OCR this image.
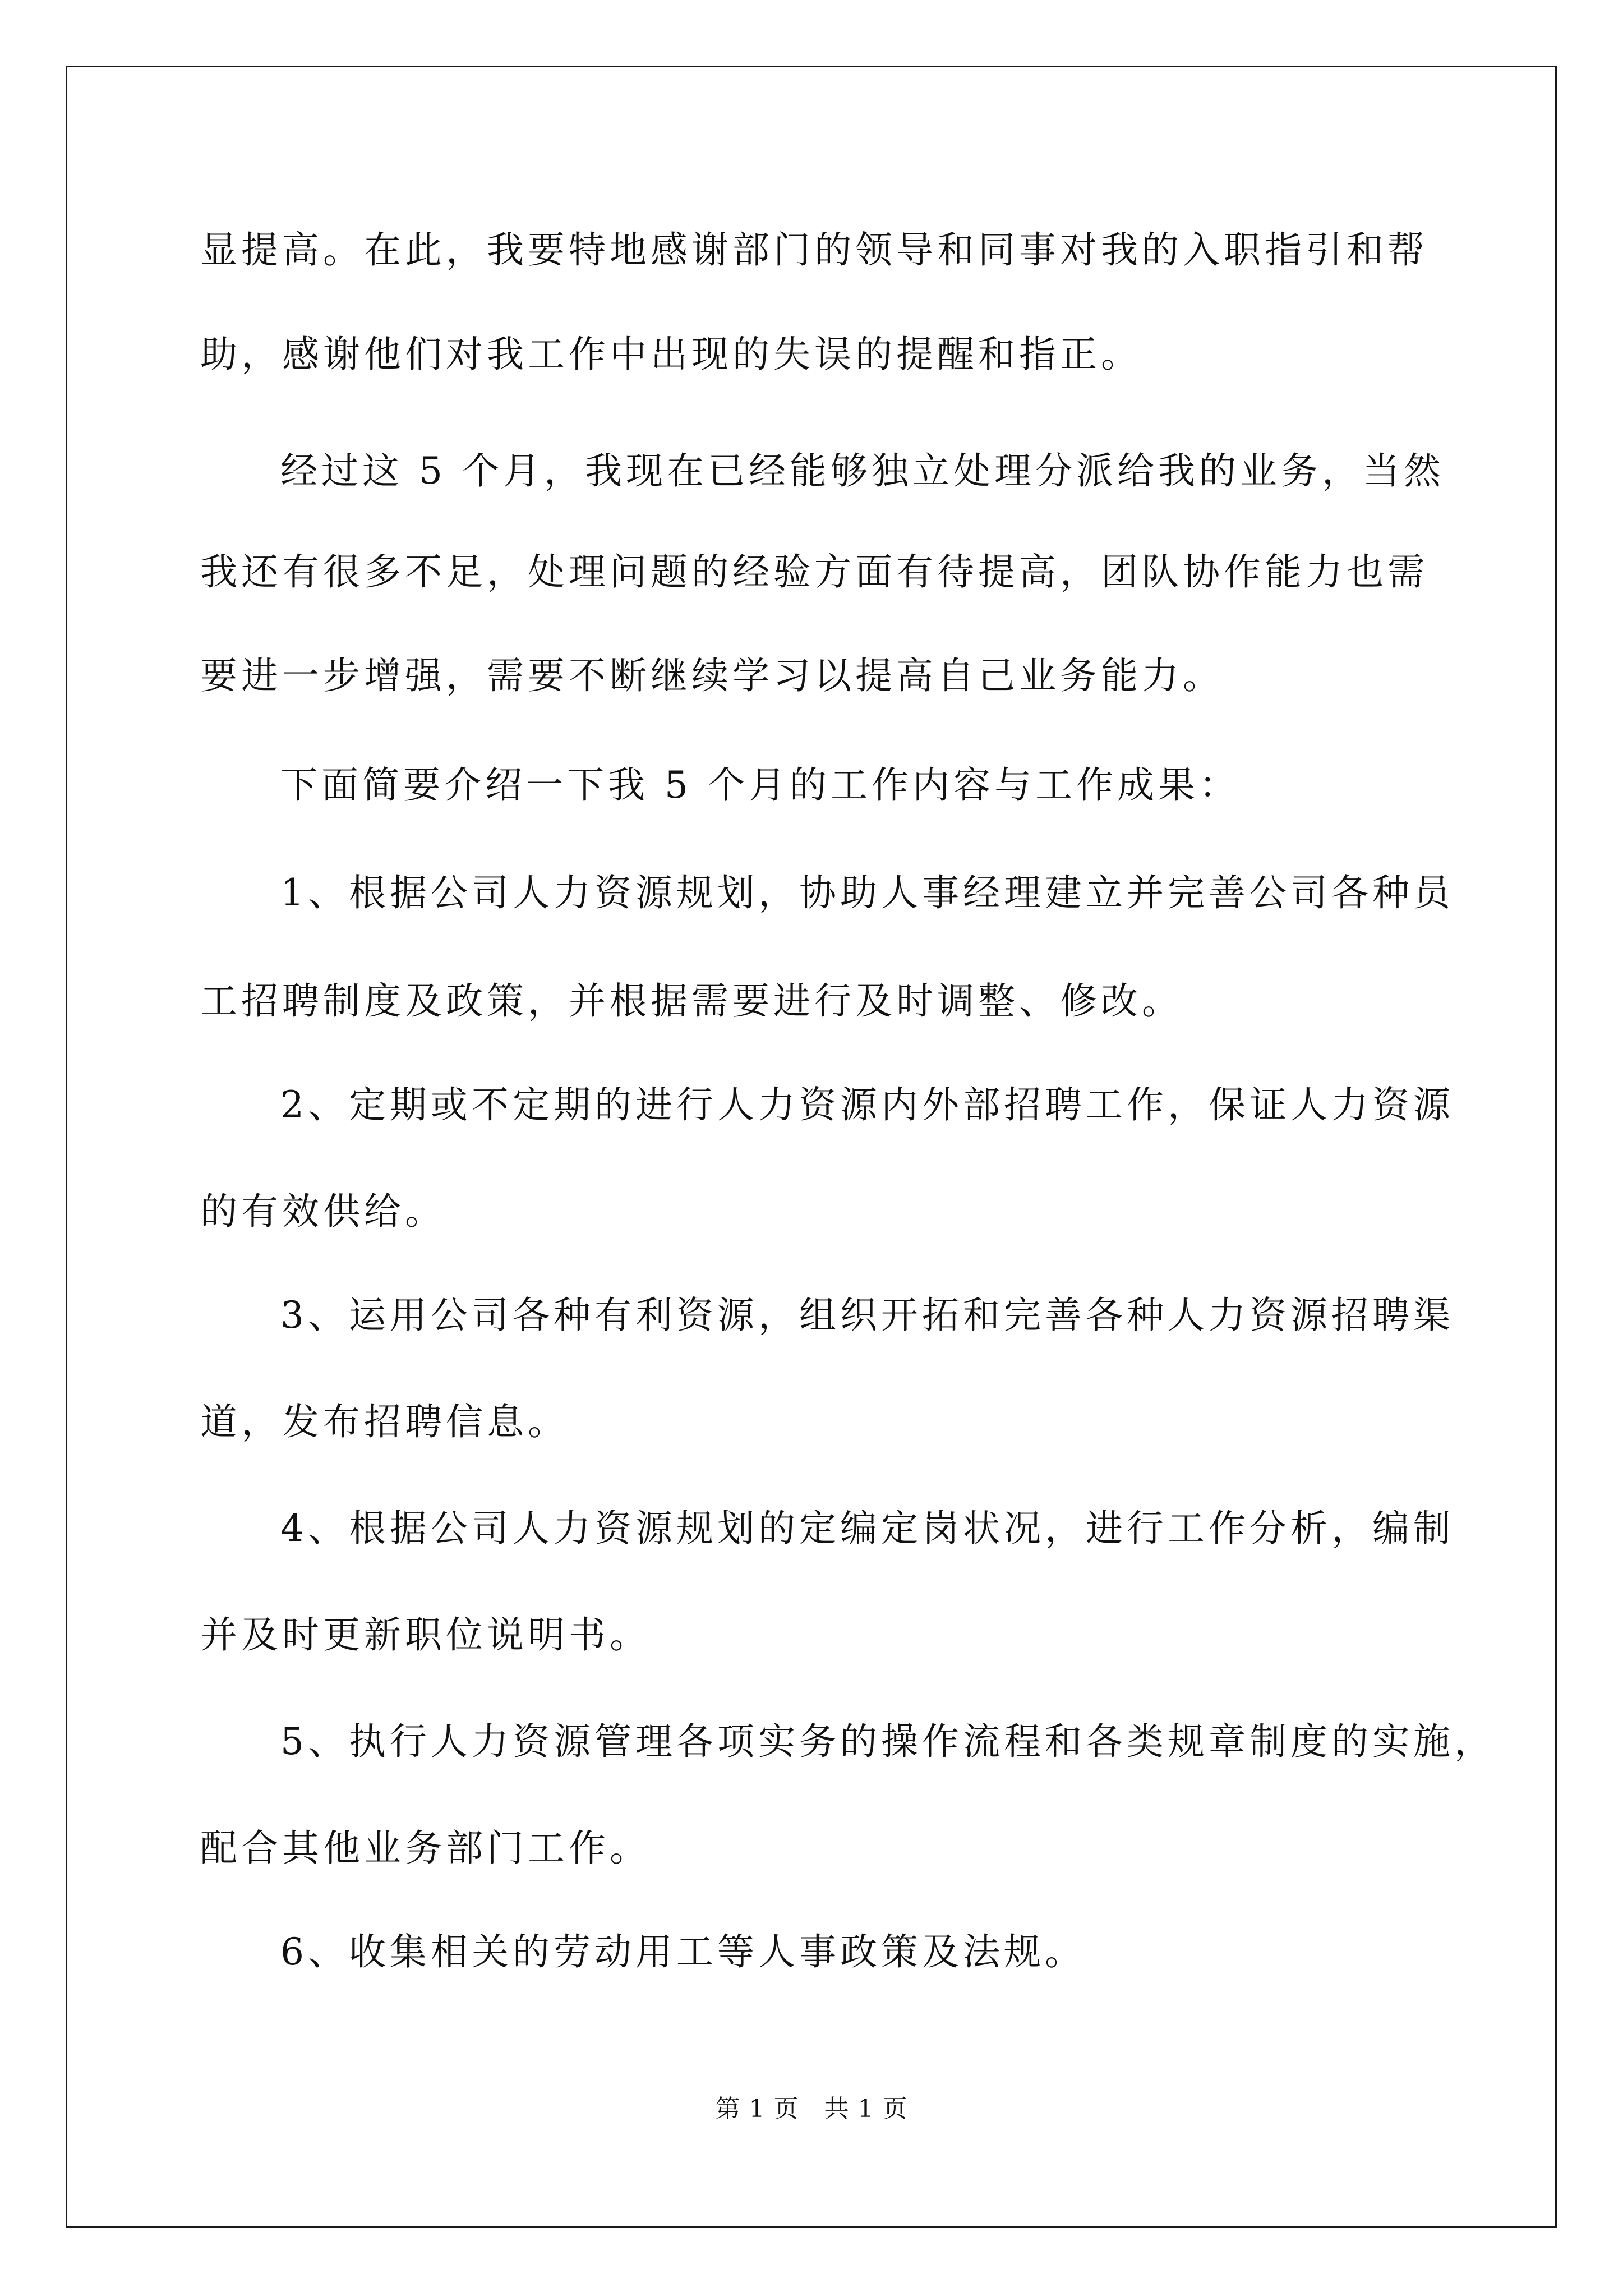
显提高。在此，我要特地感谢部门的领导和同事对我的入职指引和帮
助，感谢他们对我工作中出现的失误的提醒和指正。
经过这 5 个月，我现在已经能够独立处理分派给我的业务，当然
我还有很多不足，处理问题的经验方面有待提高，团队协作能力也需
要进一步增强，需要不断继续学习以提高自己业务能力。
下面简要介绍一下我 5 个月的工作内容与工作成果：
1、根据公司人力资源规划，协助人事经理建立并完善公司各种员
工招聘制度及政策，并根据需要进行及时调整、修改。
2、定期或不定期的进行人力资源内外部招聘工作，保证人力资源
的有效供给。
3、运用公司各种有利资源，组织开拓和完善各种人力资源招聘渠
道，发布招聘信息。
4、根据公司人力资源规划的定编定岗状况，进行工作分析，编制
并及时更新职位说明书。
5、执行人力资源管理各项实务的操作流程和各类规章制度的实施，
配合其他业务部门工作。
6、收集相关的劳动用工等人事政策及法规。
第 1 页   共 1 页
